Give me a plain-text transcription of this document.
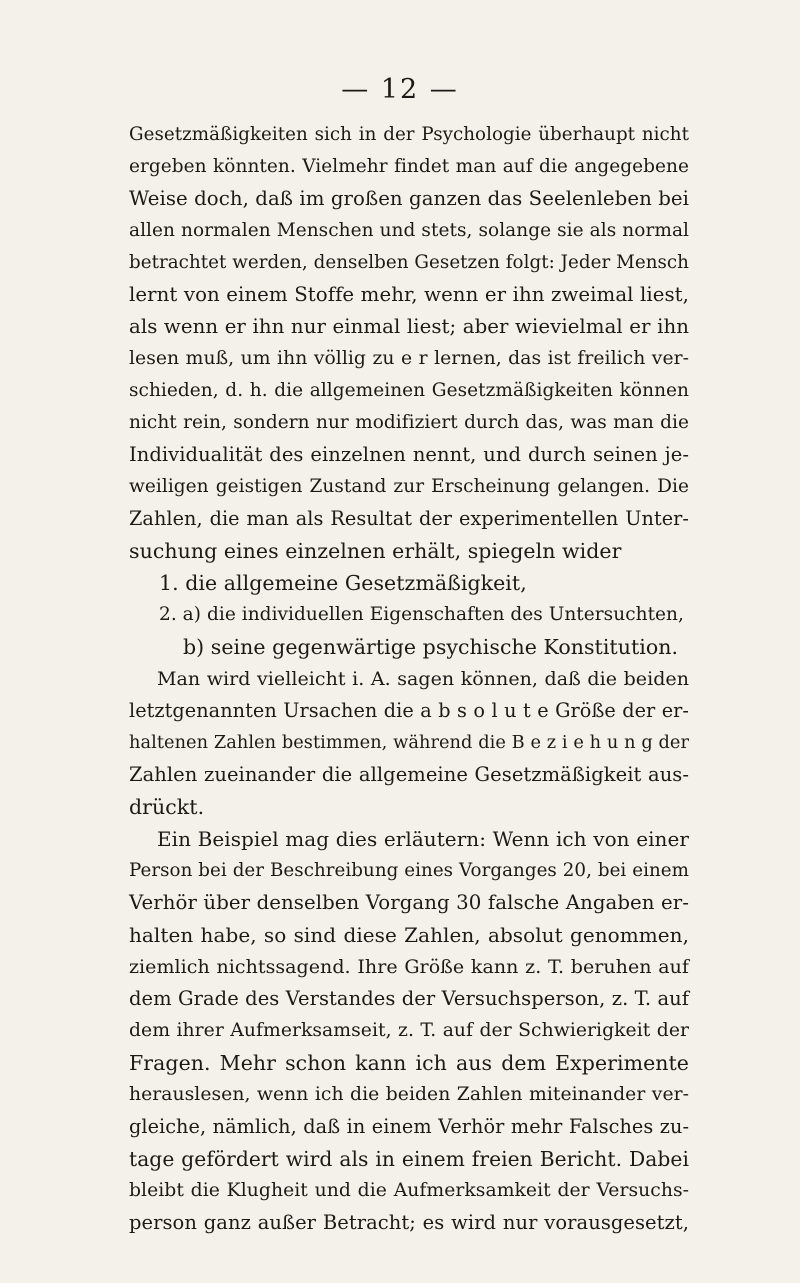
— 12 —
Gesetzmäßigkeiten sich in der Psychologie überhaupt nicht
ergeben könnten. Vielmehr findet man auf die angegebene
Weise doch, daß im großen ganzen das Seelenleben bei
allen normalen Menschen und stets, solange sie als normal
betrachtet werden, denselben Gesetzen folgt: Jeder Mensch
lernt von einem Stoffe mehr, wenn er ihn zweimal liest,
als wenn er ihn nur einmal liest; aber wievielmal er ihn
lesen muß, um ihn völlig zu e r lernen, das ist freilich ver-
schieden, d. h. die allgemeinen Gesetzmäßigkeiten können
nicht rein, sondern nur modifiziert durch das, was man die
Individualität des einzelnen nennt, und durch seinen je-
weiligen geistigen Zustand zur Erscheinung gelangen. Die
Zahlen, die man als Resultat der experimentellen Unter-
suchung eines einzelnen erhält, spiegeln wider
1. die allgemeine Gesetzmäßigkeit,
2. a) die individuellen Eigenschaften des Untersuchten,
b) seine gegenwärtige psychische Konstitution.
Man wird vielleicht i. A. sagen können, daß die beiden
letztgenannten Ursachen die a b s o l u t e Größe der er-
haltenen Zahlen bestimmen, während die B e z i e h u n g der
Zahlen zueinander die allgemeine Gesetzmäßigkeit aus-
drückt.
Ein Beispiel mag dies erläutern: Wenn ich von einer
Person bei der Beschreibung eines Vorganges 20, bei einem
Verhör über denselben Vorgang 30 falsche Angaben er-
halten habe, so sind diese Zahlen, absolut genommen,
ziemlich nichtssagend. Ihre Größe kann z. T. beruhen auf
dem Grade des Verstandes der Versuchsperson, z. T. auf
dem ihrer Aufmerksamseit, z. T. auf der Schwierigkeit der
Fragen. Mehr schon kann ich aus dem Experimente
herauslesen, wenn ich die beiden Zahlen miteinander ver-
gleiche, nämlich, daß in einem Verhör mehr Falsches zu-
tage gefördert wird als in einem freien Bericht. Dabei
bleibt die Klugheit und die Aufmerksamkeit der Versuchs-
person ganz außer Betracht; es wird nur vorausgesetzt,
